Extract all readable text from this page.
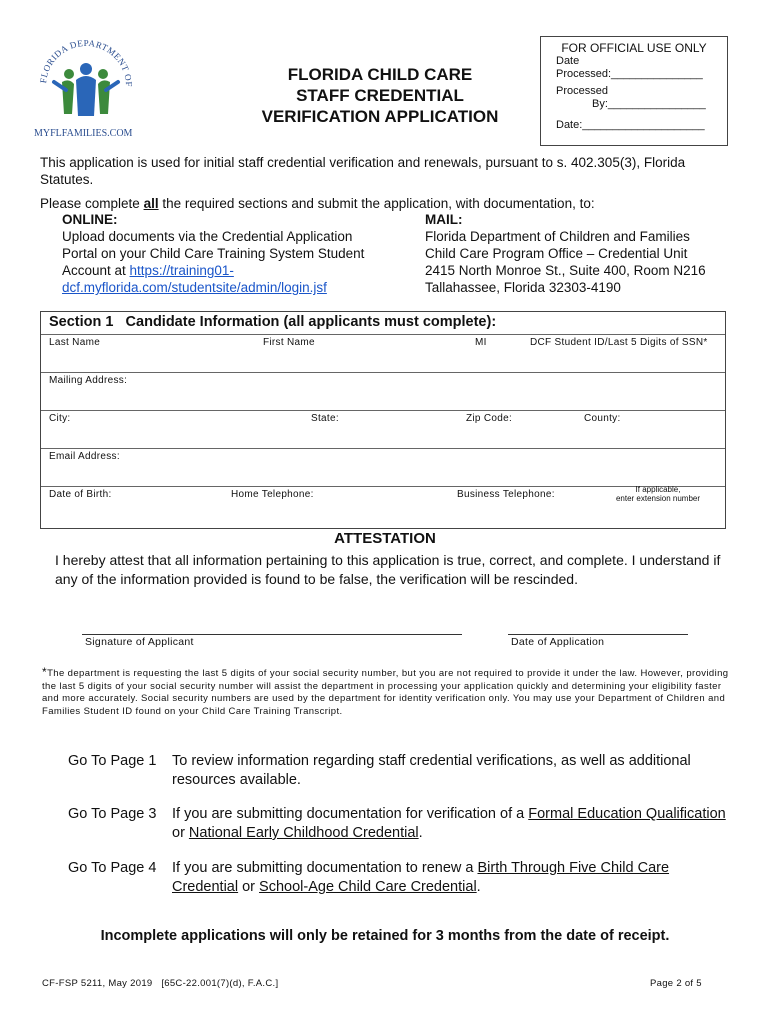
FLORIDA DEPARTMENT OF
MYFLFAMILIES.COM
FLORIDA CHILD CARE
STAFF CREDENTIAL
VERIFICATION APPLICATION
FOR OFFICIAL USE ONLY
Date
Processed:_______________
Processed
By:________________
Date:____________________

This application is used for initial staff credential verification and renewals, pursuant to s. 402.305(3), Florida Statutes.

Please complete all the required sections and submit the application, with documentation, to:

ONLINE:
Upload documents via the Credential Application
Portal on your Child Care Training System Student
Account at https://training01-dcf.myflorida.com/studentsite/admin/login.jsf
MAIL:
Florida Department of Children and Families
Child Care Program Office – Credential Unit
2415 North Monroe St., Suite 400, Room N216
Tallahassee, Florida 32303-4190
Section 1   Candidate Information (all applicants must complete):
Last Name	First Name	MI	DCF Student ID/Last 5 Digits of SSN*
Mailing Address:
City:	State:	Zip Code:	County:
Email Address:
Date of Birth:	Home Telephone:	Business Telephone:	If applicable,
enter extension number
ATTESTATION
I hereby attest that all information pertaining to this application is true, correct, and complete. I understand if any of the information provided is found to be false, the verification will be rescinded.
Signature of Applicant	Date of Application
*The department is requesting the last 5 digits of your social security number, but you are not required to provide it under the law. However, providing the last 5 digits of your social security number will assist the department in processing your application quickly and determining your eligibility faster and more accurately. Social security numbers are used by the department for identity verification only. You may use your Department of Children and Families Student ID found on your Child Care Training Transcript.
Go To Page 1 To review information regarding staff credential verifications, as well as additional resources available.
Go To Page 3 If you are submitting documentation for verification of a Formal Education Qualification or National Early Childhood Credential.
Go To Page 4 If you are submitting documentation to renew a Birth Through Five Child Care Credential or School-Age Child Care Credential.
Incomplete applications will only be retained for 3 months from the date of receipt.
CF-FSP 5211, May 2019   [65C-22.001(7)(d), F.A.C.]	Page 2 of 5
